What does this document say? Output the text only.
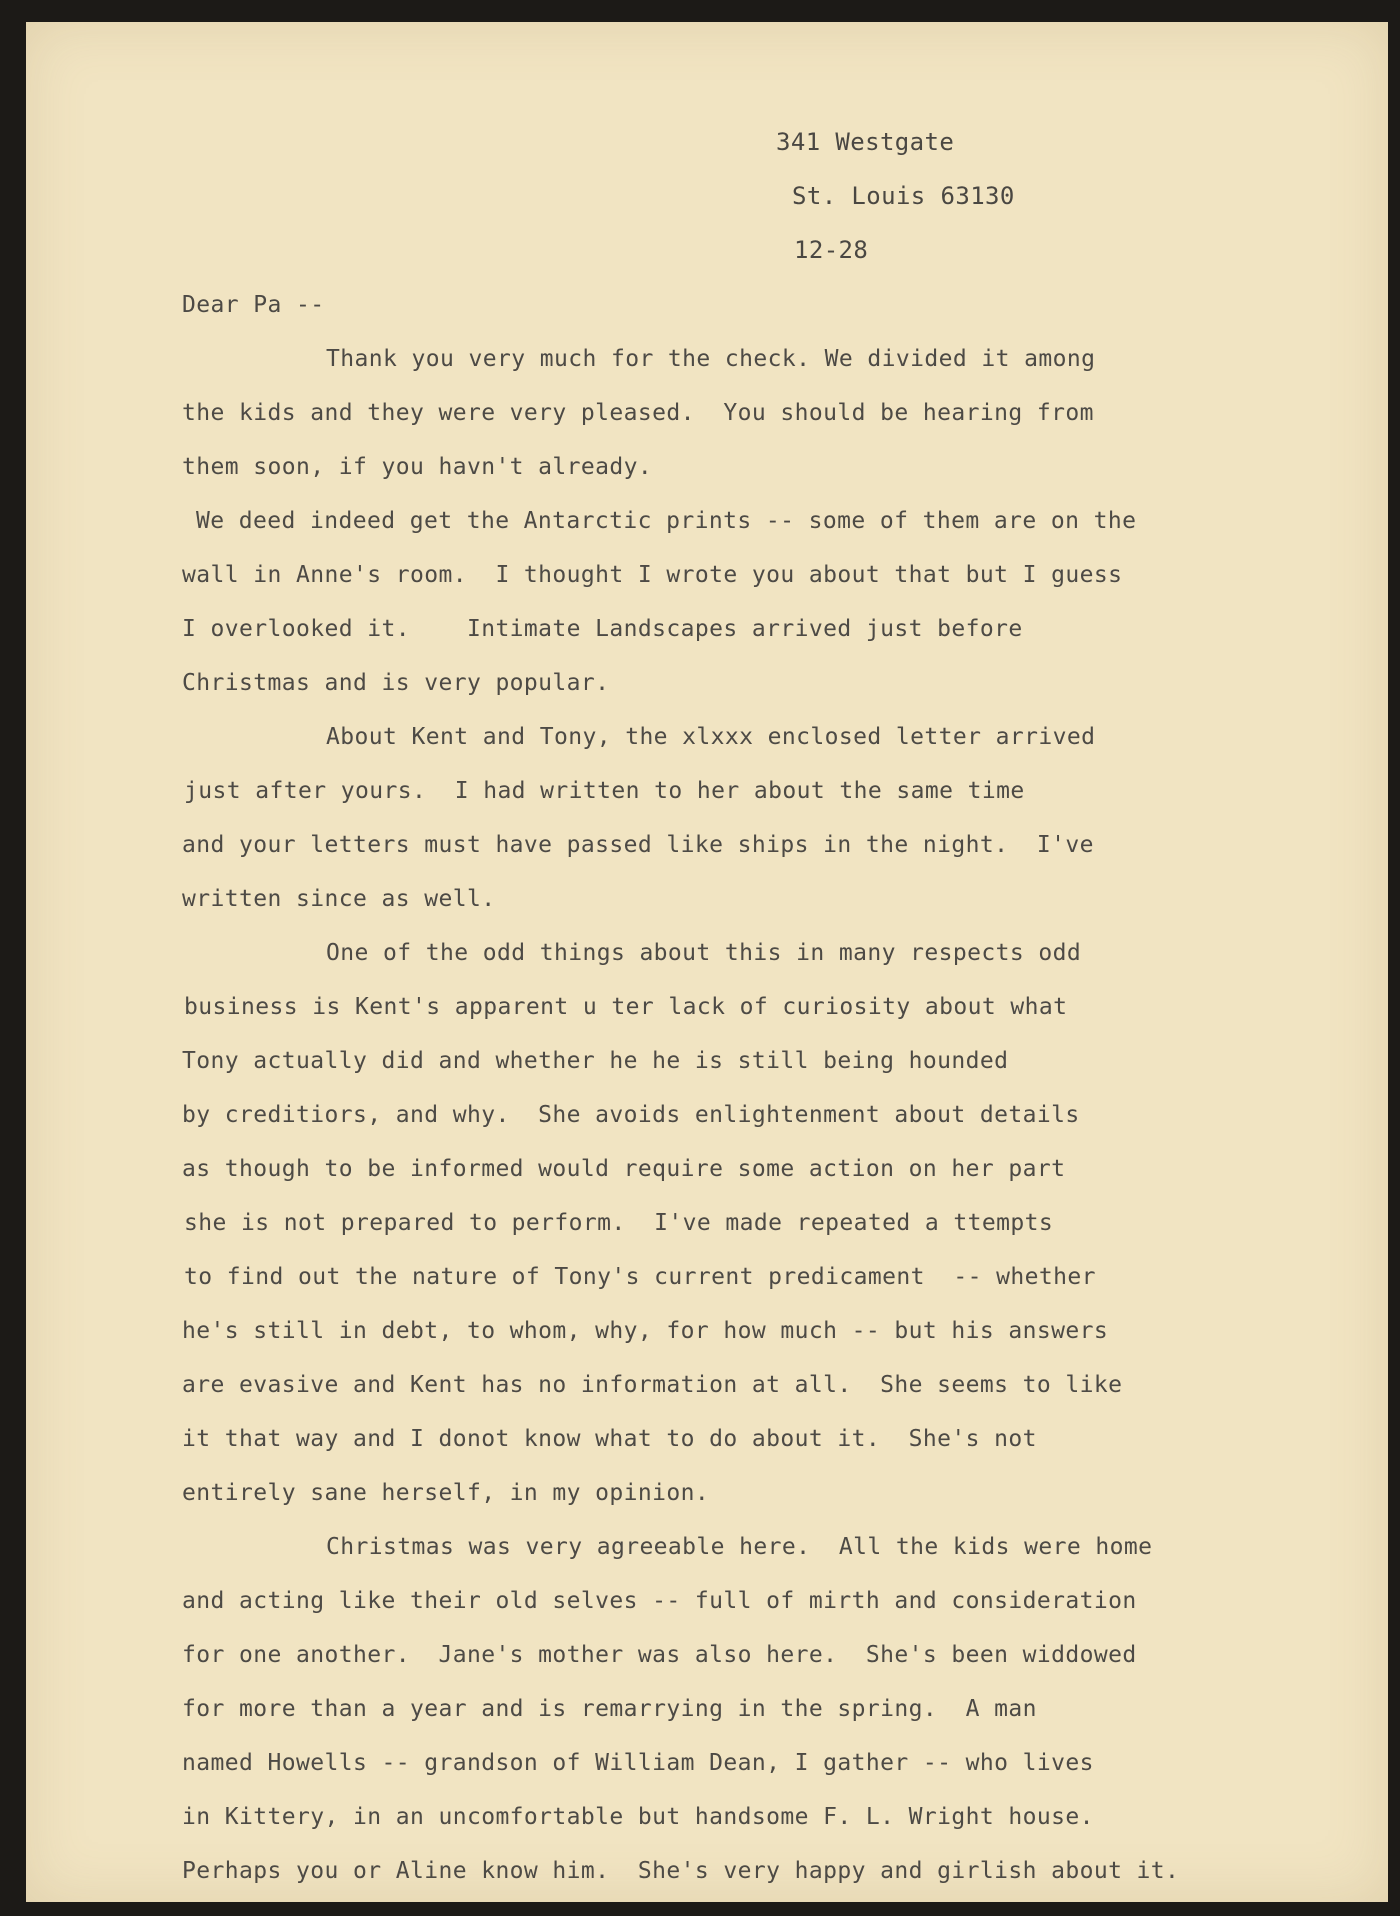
341 Westgate
St. Louis 63130
12-28
Dear Pa --
Thank you very much for the check. We divided it among
the kids and they were very pleased.  You should be hearing from
them soon, if you havn't already.
We deed indeed get the Antarctic prints -- some of them are on the
wall in Anne's room.  I thought I wrote you about that but I guess
I overlooked it.    Intimate Landscapes arrived just before
Christmas and is very popular.
About Kent and Tony, the xlxxx enclosed letter arrived
just after yours.  I had written to her about the same time
and your letters must have passed like ships in the night.  I've
written since as well.
One of the odd things about this in many respects odd
business is Kent's apparent u ter lack of curiosity about what
Tony actually did and whether he he is still being hounded
by creditiors, and why.  She avoids enlightenment about details
as though to be informed would require some action on her part
she is not prepared to perform.  I've made repeated a ttempts
to find out the nature of Tony's current predicament  -- whether
he's still in debt, to whom, why, for how much -- but his answers
are evasive and Kent has no information at all.  She seems to like
it that way and I donot know what to do about it.  She's not
entirely sane herself, in my opinion.
Christmas was very agreeable here.  All the kids were home
and acting like their old selves -- full of mirth and consideration
for one another.  Jane's mother was also here.  She's been widdowed
for more than a year and is remarrying in the spring.  A man
named Howells -- grandson of William Dean, I gather -- who lives
in Kittery, in an uncomfortable but handsome F. L. Wright house.
Perhaps you or Aline know him.  She's very happy and girlish about it.
